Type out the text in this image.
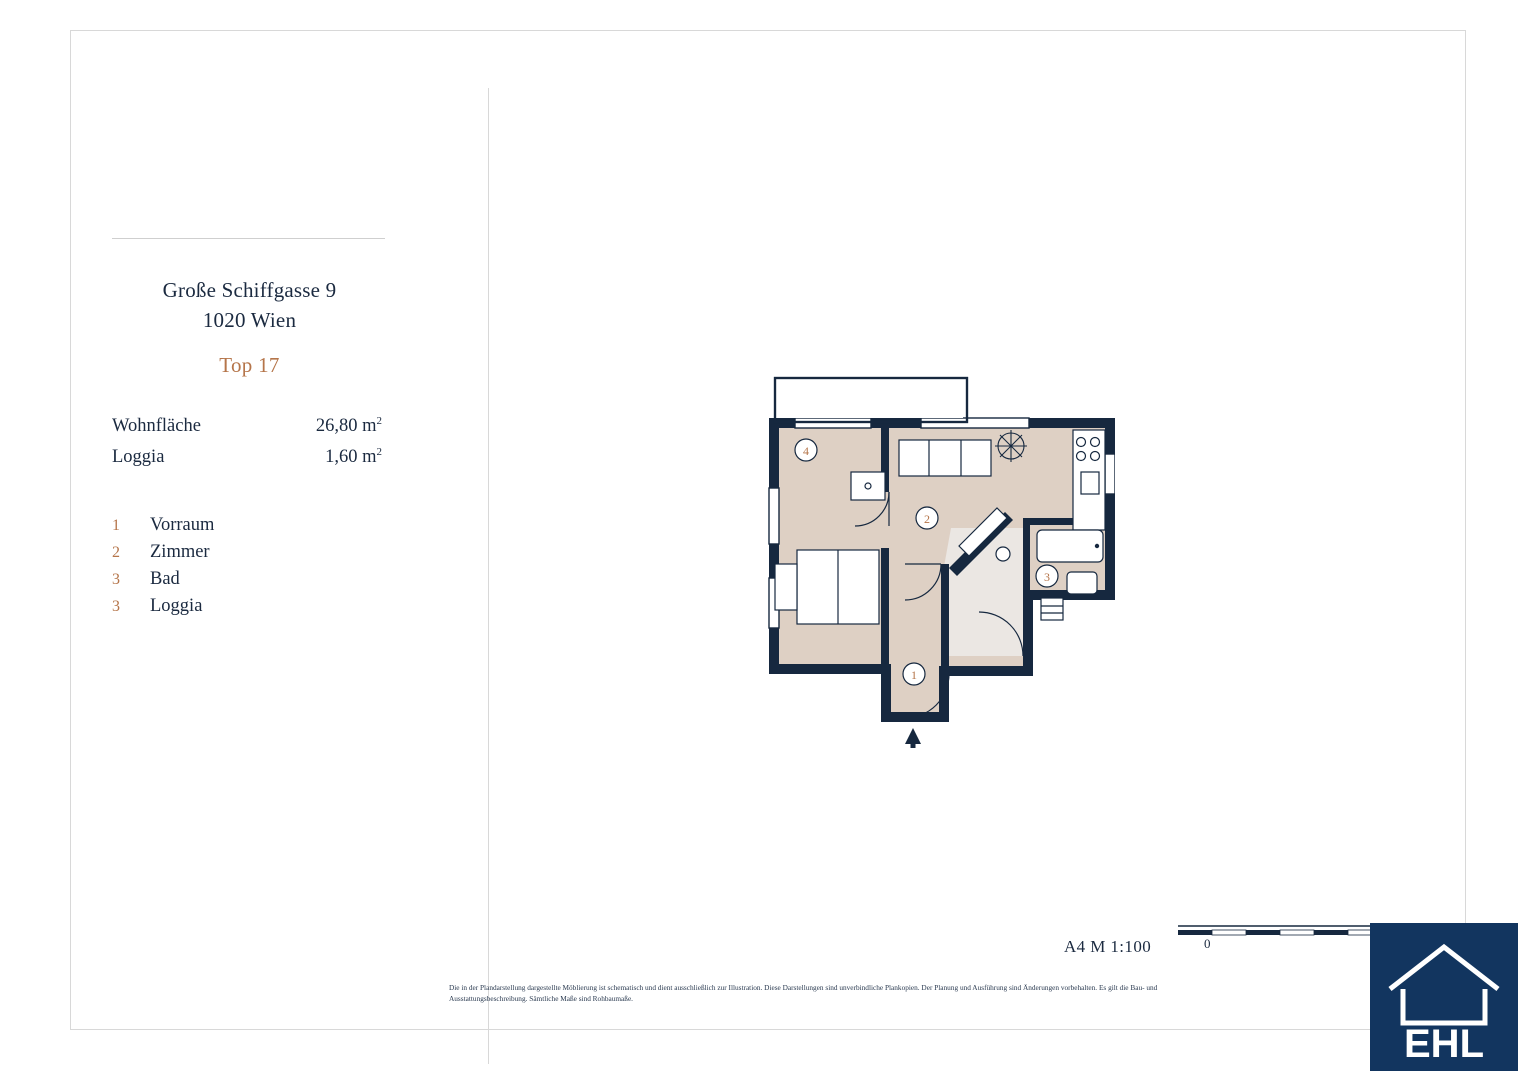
Große Schiffgasse 9
1020 Wien
Top 17
Wohnfläche	26,80 $m^2$
Loggia	1,60 $m^2$
1	Vorraum
2	Zimmer
3	Bad
3	Loggia
1
2
3
4
A4 M 1:100	0
Die in der Plandarstellung dargestellte Möblierung ist schematisch und dient ausschließlich zur Illustration. Diese Darstellungen sind unverbindliche Plankopien. Der Planung und Ausführung sind Änderungen vorbehalten. Es gilt die Bau- und Ausstattungsbeschreibung. Sämtliche Maße sind Rohbaumaße.
EHL
